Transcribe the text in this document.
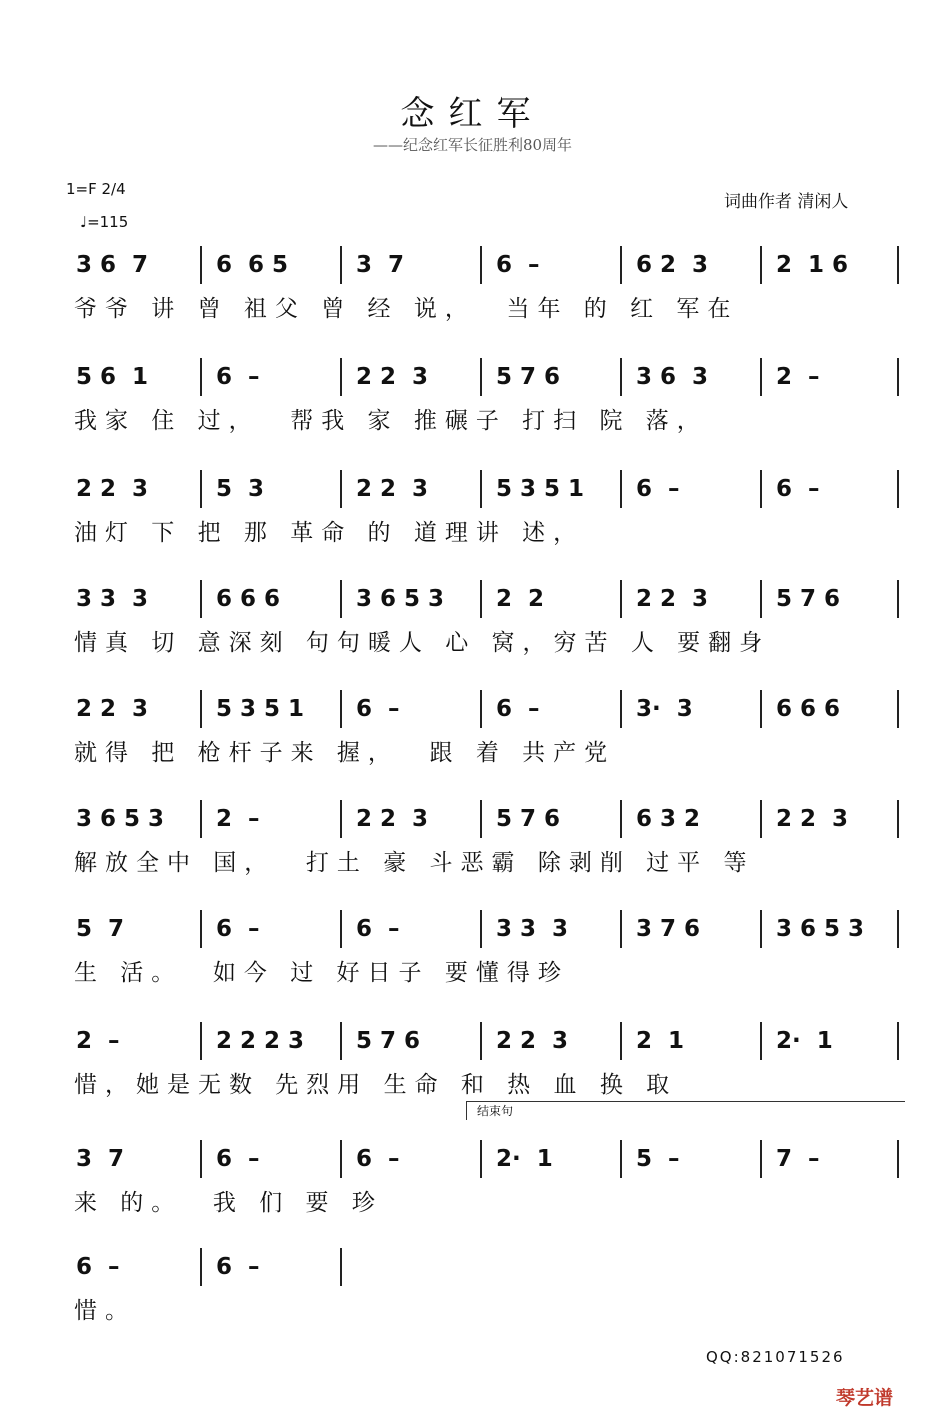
念红军
——纪念红军长征胜利80周年
1=F 2/4
♩=115
词曲作者 清闲人
3 6  7	6  6 5	3  7	6  –	6 2  3	2  1 6
爷爷 讲 曾 祖父 曾 经 说，  当年 的 红 军在
5 6  1	6  –	2 2  3	5 7 6	3 6  3	2  –
我家 住 过，  帮我 家 推碾子 打扫 院 落，
2 2  3	5  3	2 2  3	5 3 5 1 6  –	6  –
油灯 下 把 那 革命 的 道理讲 述，
3 3  3	6 6 6	3 6 5 3 2  2	2 2  3	5 7 6
情真 切 意深刻 句句暖人 心 窝，穷苦 人 要翻身
2 2  3	5 3 5 1 6  –	6  –	3·  3	6 6 6
就得 把 枪杆子来 握，  跟 着 共产党
3 6 5 3 2  –	2 2  3	5 7 6	6 3 2	2 2  3
解放全中 国，  打土 豪 斗恶霸 除剥削 过平 等
5  7	6  –	6  –	3 3  3	3 7 6	3 6 5 3
生 活。  如今 过 好日子 要懂得珍
2  –	2 2 2 3 5 7 6	2 2  3	2  1	2·  1
惜，她是无数 先烈用 生命 和 热 血 换 取
3  7	6  –	6  –	2·  1	5  –	7  –
来 的。  我 们 要 珍
6  –	6  –
惜。
结束句
QQ:821071526
琴艺谱
